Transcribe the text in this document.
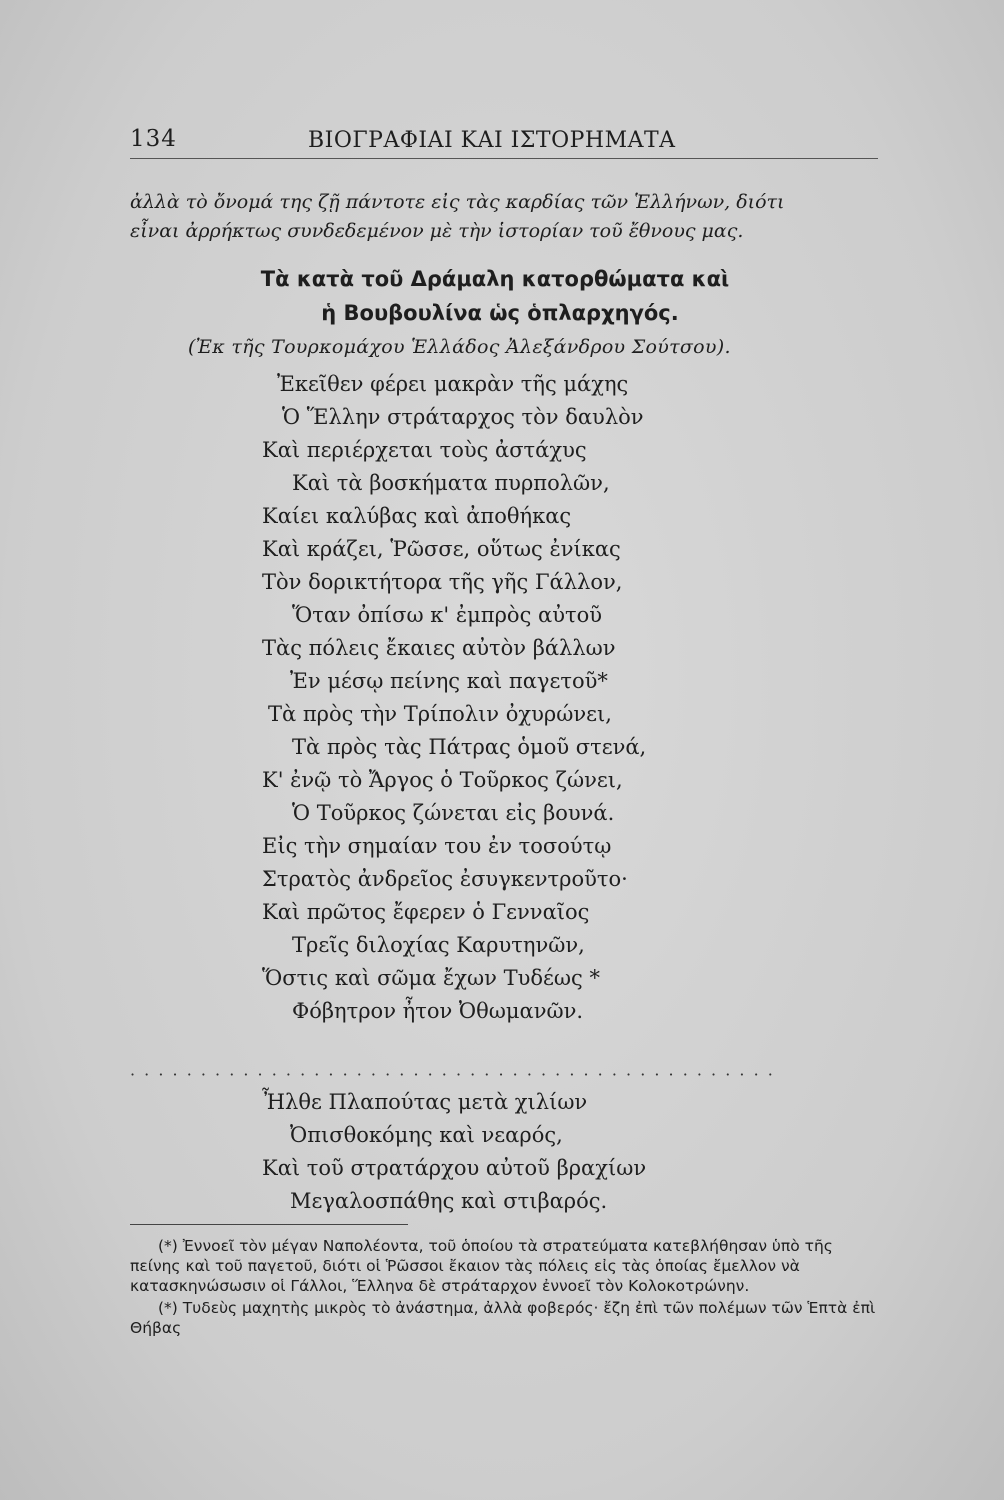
134	ΒΙΟΓΡΑΦΙΑΙ ΚΑΙ ΙΣΤΟΡΗΜΑΤΑ

ἀλλὰ τὸ ὄνομά της ζῇ πάντοτε εἰς τὰς καρδίας τῶν Ἑλλήνων, διότι

εἶναι ἀρρήκτως συνδεδεμένον μὲ τὴν ἱστορίαν τοῦ ἔθνους μας.

Τὰ κατὰ τοῦ Δράμαλη κατορθώματα καὶ
ἡ Βουβουλίνα ὡς ὁπλαρχηγός.
(Ἐκ τῆς Τουρκομάχου Ἑλλάδος Ἀλεξάνδρου Σούτσου).
Ἐκεῖθεν φέρει μακρὰν τῆς μάχης
Ὁ Ἕλλην στράταρχος τὸν δαυλὸν
Καὶ περιέρχεται τοὺς ἀστάχυς
Καὶ τὰ βοσκήματα πυρπολῶν,
Καίει καλύβας καὶ ἀποθήκας
Καὶ κράζει, Ῥῶσσε, οὕτως ἐνίκας
Τὸν δορικτήτορα τῆς γῆς Γάλλον,
Ὅταν ὀπίσω κ' ἐμπρὸς αὐτοῦ
Τὰς πόλεις ἔκαιες αὐτὸν βάλλων
Ἐν μέσῳ πείνης καὶ παγετοῦ*
Τὰ πρὸς τὴν Τρίπολιν ὀχυρώνει,
Τὰ πρὸς τὰς Πάτρας ὁμοῦ στενά,
Κ' ἐνῷ τὸ Ἄργος ὁ Τοῦρκος ζώνει,
Ὁ Τοῦρκος ζώνεται εἰς βουνά.
Εἰς τὴν σημαίαν του ἐν τοσούτῳ
Στρατὸς ἀνδρεῖος ἐσυγκεντροῦτο·
Καὶ πρῶτος ἔφερεν ὁ Γενναῖος
Τρεῖς διλοχίας Καρυτηνῶν,
Ὅστις καὶ σῶμα ἔχων Τυδέως *
Φόβητρον ἦτον Ὀθωμανῶν.
· · · · · · · · · · · · · · · · · · · · · · · · · · · · · · · · · · · · · · · · · · · · · ·
Ἦλθε Πλαπούτας μετὰ χιλίων
Ὀπισθοκόμης καὶ νεαρός,
Καὶ τοῦ στρατάρχου αὐτοῦ βραχίων
Μεγαλοσπάθης καὶ στιβαρός.

(*) Ἐννοεῖ τὸν μέγαν Ναπολέοντα, τοῦ ὁποίου τὰ στρατεύματα κατεβλήθησαν ὑπὸ τῆς πείνης καὶ τοῦ παγετοῦ, διότι οἱ Ῥῶσσοι ἔκαιον τὰς πόλεις εἰς τὰς ὁποίας ἔμελλον νὰ κατασκηνώσωσιν οἱ Γάλλοι, Ἕλληνα δὲ στράταρχον ἐννοεῖ τὸν Κολοκοτρώνην.

(*) Τυδεὺς μαχητὴς μικρὸς τὸ ἀνάστημα, ἀλλὰ φοβερός· ἔζη ἐπὶ τῶν πολέμων τῶν Ἑπτὰ ἐπὶ Θήβας
